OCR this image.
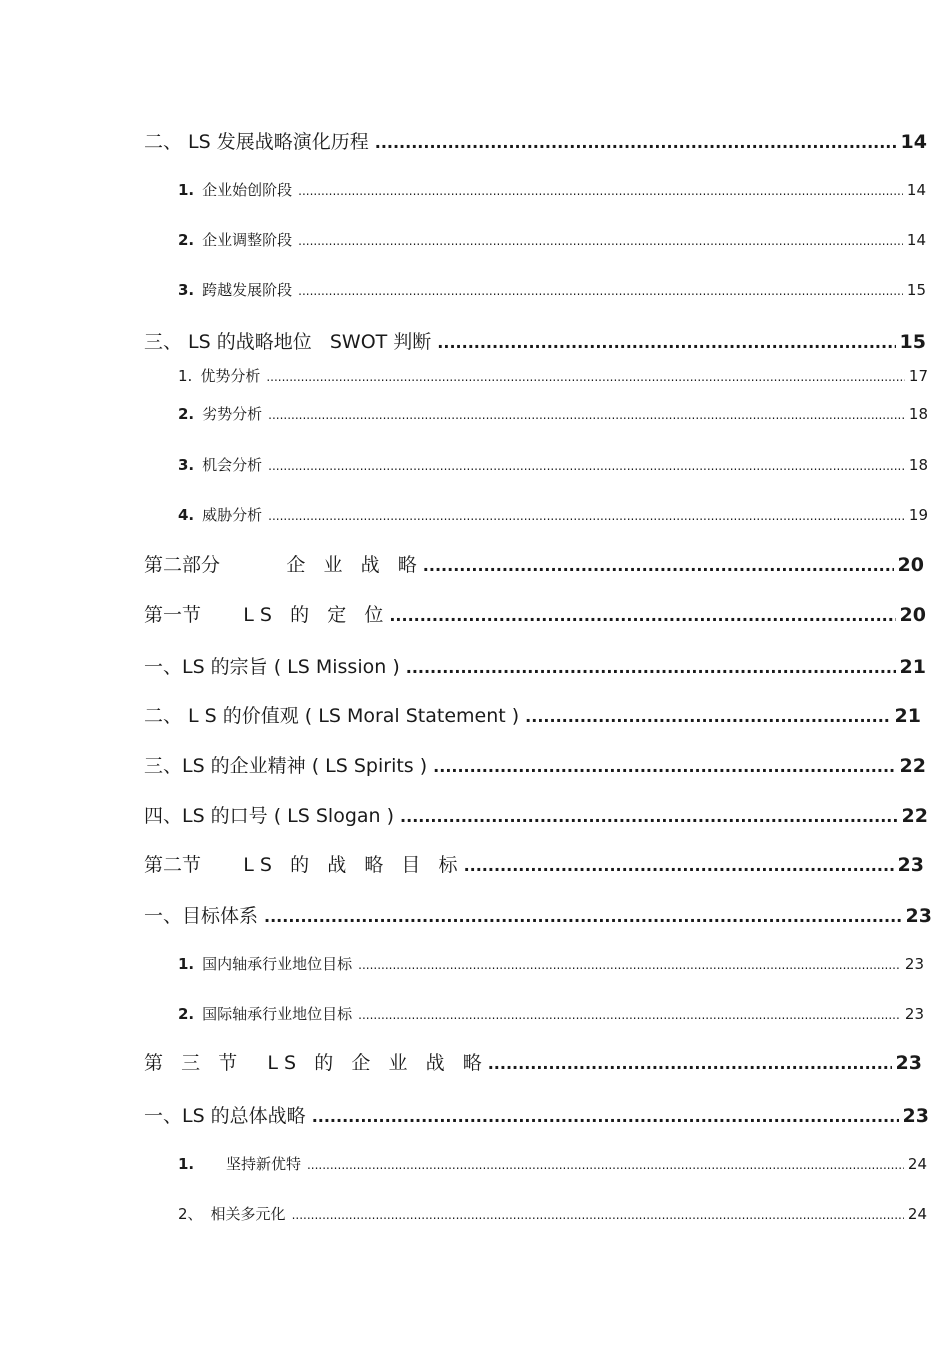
二、 LS 发展战略演化历程 .....	14
1. 企业始创阶段 .....	14
2. 企业调整阶段 .....	14
3. 跨越发展阶段 .....	15
三、 LS 的战略地位   SWOT 判断 .....	15
1. 优势分析 .....	17
2. 劣势分析 .....	18
3. 机会分析 .....	18
4. 威胁分析 .....	19
第二部分           企   业   战   略 .....	20
第一节       L S   的   定   位 .....	20
一、LS 的宗旨 ( LS Mission ) .....	21
二、 L S 的价值观 ( LS Moral Statement ) .....	21
三、LS 的企业精神 ( LS Spirits ) .....	22
四、LS 的口号 ( LS Slogan ) .....	22
第二节       L S   的   战   略   目   标 .....	23
一、目标体系 .....	23
1. 国内轴承行业地位目标 .....	23
2. 国际轴承行业地位目标 .....	23
第   三   节     L S   的   企   业   战   略 .....	23
一、LS 的总体战略 .....	23
1. 坚持新优特 .....	24
2、 相关多元化 .....	24
